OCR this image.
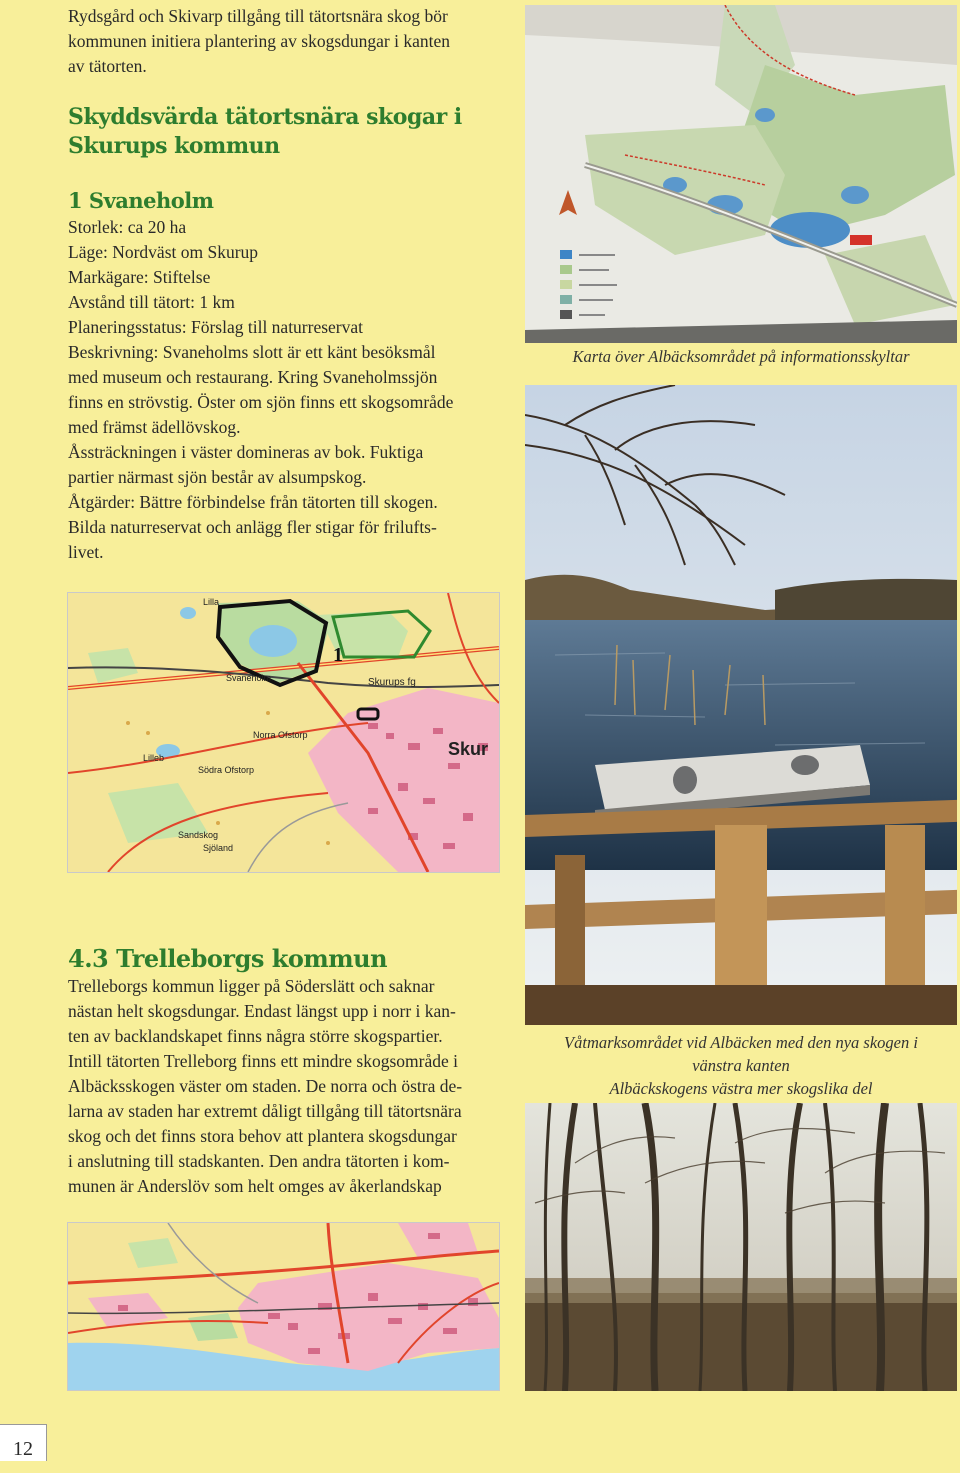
Rydsgård och Skivarp tillgång till tätortsnära skog bör
kommunen initiera plantering av skogsdungar i kanten
av tätorten.
Skyddsvärda tätortsnära skogar i
Skurups kommun
1 Svaneholm
Storlek: ca 20 ha
Läge: Nordväst om Skurup
Markägare: Stiftelse
Avstånd till tätort: 1 km
Planeringsstatus: Förslag till naturreservat
Beskrivning: Svaneholms slott är ett känt besöksmål
med museum och restaurang. Kring Svaneholmssjön
finns en strövstig. Öster om sjön finns ett skogsområde
med främst ädellövskog.
Åssträckningen i väster domineras av bok. Fuktiga
partier närmast sjön består av alsumpskog.
Åtgärder: Bättre förbindelse från tätorten till skogen.
Bilda naturreservat och anlägg fler stigar för frilufts-
livet.
1
Lilla
Svaneholm	Skurups fg
Skur
Norra Ofstorp
Lilleb
Södra Ofstorp
Sandskog
Sjöland
4.3 Trelleborgs kommun
Trelleborgs kommun ligger på Söderslätt och saknar
nästan helt skogsdungar. Endast längst upp i norr i kan-
ten av backlandskapet finns några större skogspartier.
Intill tätorten Trelleborg finns ett mindre skogsområde i
Albäcksskogen väster om staden. De norra och östra de-
larna av staden har extremt dåligt tillgång till tätortsnära
skog och det finns stora behov att plantera skogsdungar
i anslutning till stadskanten. Den andra tätorten i kom-
munen är Anderslöv som helt omges av åkerlandskap
Karta över Albäcksområdet på informationsskyltar
Våtmarksområdet vid Albäcken med den nya skogen i
vänstra kanten
Albäckskogens västra mer skogslika del
12
